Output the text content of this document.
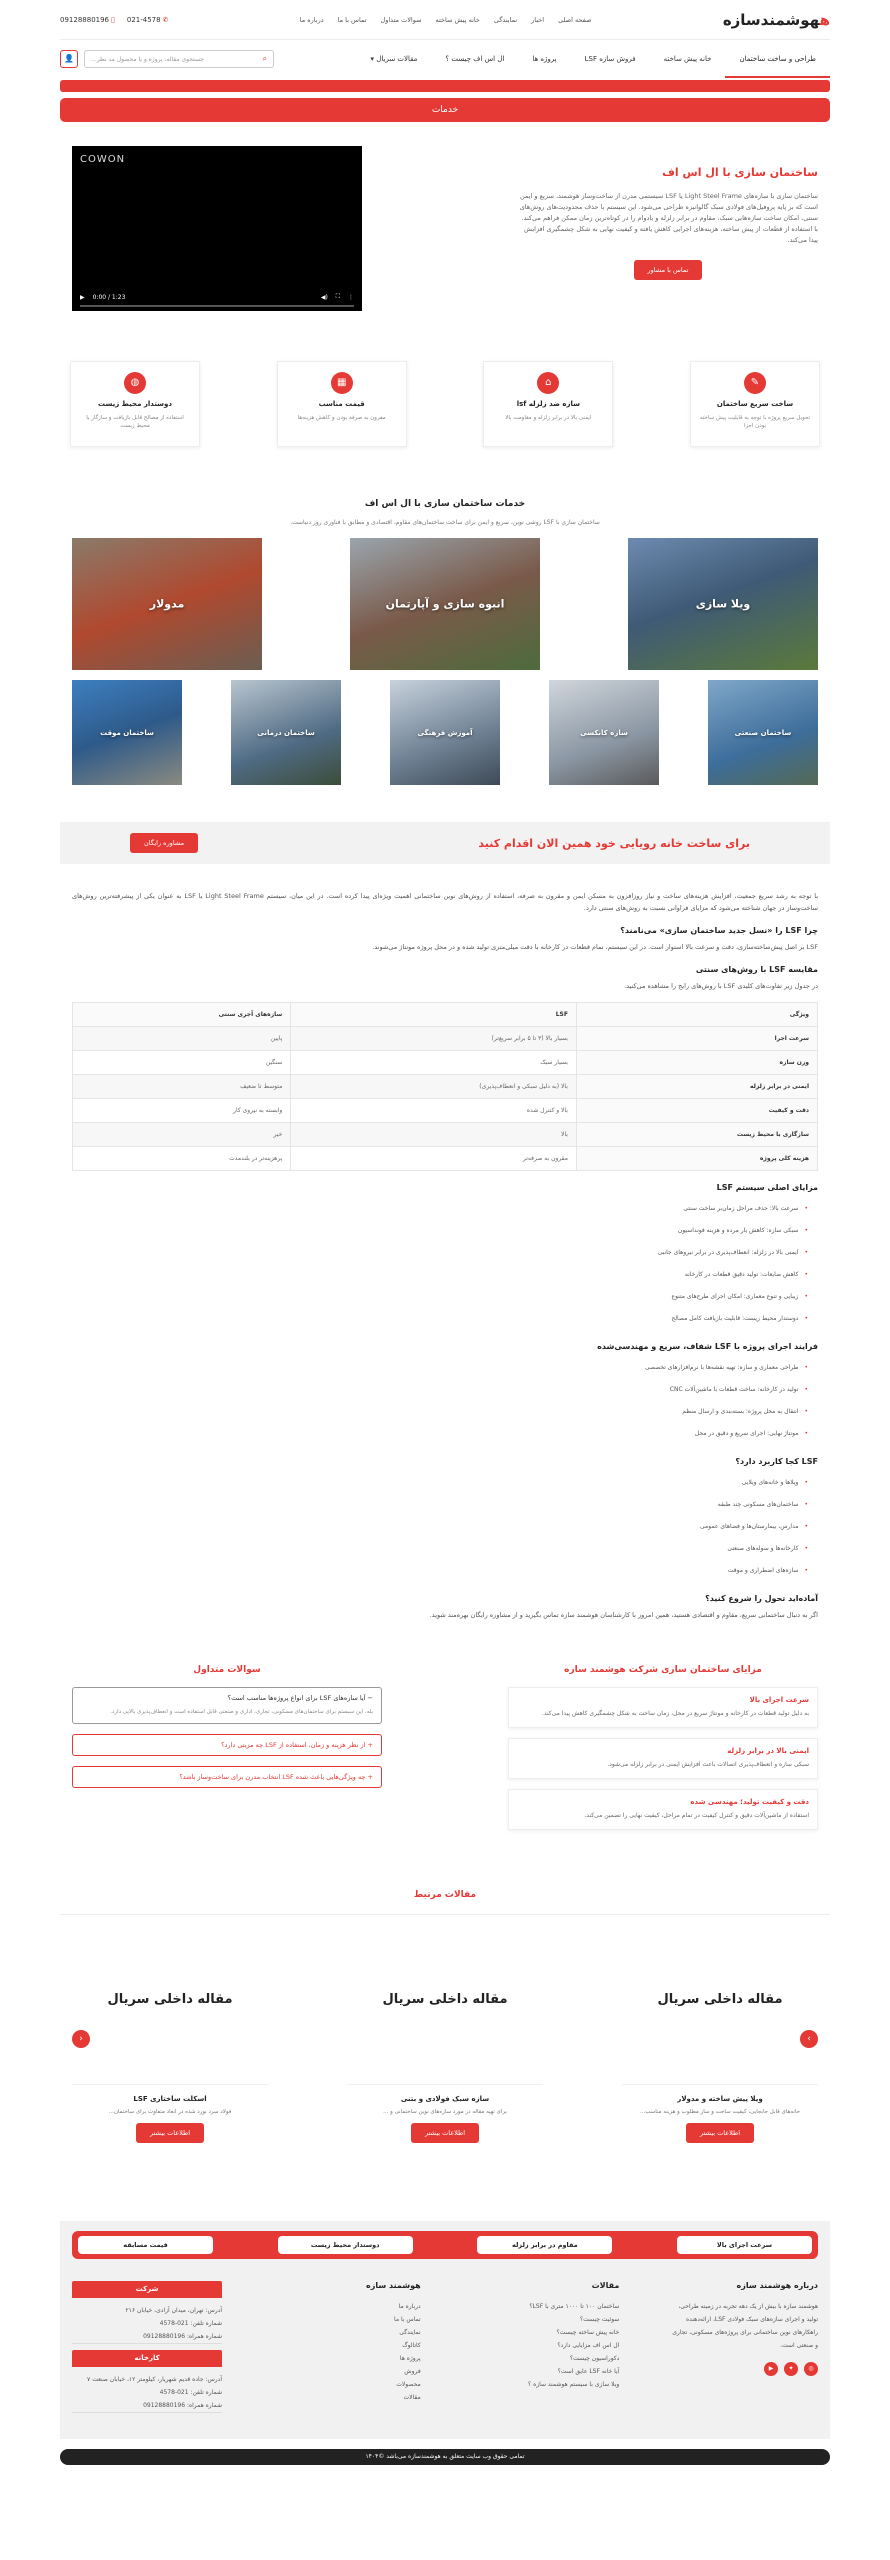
ههوشمندسازه
صفحه اصلی
اخبار
نمایندگی
خانه پیش ساخته
سوالات متداول
تماس با ما
درباره ما
✆021-4578
▯09128880196
طراحی و ساخت ساختمان
خانه پیش ساخته
فروش سازه LSF
پروژه ها
ال اس اف چیست ؟
مقالات سریال ▾
⌕
جستجوی مقاله، پروژه و یا محصول مد نظر...
👤
خدمات
ساختمان سازی با ال اس اف

ساختمان سازی با سازه‌های Light Steel Frame یا LSF سیستمی مدرن از ساخت‌وساز هوشمند، سریع و ایمن است که بر پایه پروفیل‌های فولادی سبک گالوانیزه طراحی می‌شود. این سیستم با حذف محدودیت‌های روش‌های سنتی، امکان ساخت سازه‌هایی سبک، مقاوم در برابر زلزله و بادوام را در کوتاه‌ترین زمان ممکن فراهم می‌کند. با استفاده از قطعات از پیش ساخته، هزینه‌های اجرایی کاهش یافته و کیفیت نهایی به شکل چشمگیری افزایش پیدا می‌کند.

تماس با مشاور
COWON
▶ 0:00 / 1:23	◀) ⛶ ⋮
✎
ساخت سریع ساختمان

تحویل سریع پروژه با توجه به قابلیت پیش ساخته بودن اجزا

⌂
سازه ضد زلزله lsf

ایمنی بالا در برابر زلزله و مقاومت بالا

▦
قیمت مناسب

مقرون به صرفه بودن و کاهش هزینه‌ها

◍
دوستدار محیط زیست

استفاده از مصالح قابل بازیافت و سازگار با محیط زیست

خدمات ساختمان سازی با ال اس اف

ساختمان سازی با LSF روشی نوین، سریع و ایمن برای ساخت ساختمان‌های مقاوم، اقتصادی و مطابق با فناوری روز دنیاست.

ویلا سازی
انبوه سازی و آپارتمان
مدولار
ساختمان صنعتی
سازه کانکسی
آموزش فرهنگی
ساختمان درمانی
ساختمان موقت
برای ساخت خانه رویایی خود همین الان اقدام کنید
مشاوره رایگان

با توجه به رشد سریع جمعیت، افزایش هزینه‌های ساخت و نیاز روزافزون به مسکن ایمن و مقرون به صرفه، استفاده از روش‌های نوین ساختمانی اهمیت ویژه‌ای پیدا کرده است. در این میان، سیستم Light Steel Frame یا LSF به عنوان یکی از پیشرفته‌ترین روش‌های ساخت‌وساز در جهان شناخته می‌شود که مزایای فراوانی نسبت به روش‌های سنتی دارد.

چرا LSF را «نسل جدید ساختمان سازی» می‌نامند؟

LSF بر اصل پیش‌ساخته‌سازی، دقت و سرعت بالا استوار است. در این سیستم، تمام قطعات در کارخانه با دقت میلی‌متری تولید شده و در محل پروژه مونتاژ می‌شوند.

مقایسه LSF با روش‌های سنتی

در جدول زیر تفاوت‌های کلیدی LSF با روش‌های رایج را مشاهده می‌کنید.

ویژگی	LSF	سازه‌های آجری سنتی
سرعت اجرا	بسیار بالا (۳ تا ۵ برابر سریع‌تر)	پایین
وزن سازه	بسیار سبک	سنگین
ایمنی در برابر زلزله	بالا (به دلیل سبکی و انعطاف‌پذیری)	متوسط تا ضعیف
دقت و کیفیت	بالا و کنترل شده	وابسته به نیروی کار
سازگاری با محیط زیست	بالا	خیر
هزینه کلی پروژه	مقرون به صرفه‌تر	پرهزینه‌تر در بلندمدت
مزایای اصلی سیستم LSF
• سرعت بالا: حذف مراحل زمان‌بر ساخت سنتی
• سبکی سازه: کاهش بار مرده و هزینه فونداسیون
• ایمنی بالا در زلزله: انعطاف‌پذیری در برابر نیروهای جانبی
• کاهش ضایعات: تولید دقیق قطعات در کارخانه
• زیبایی و تنوع معماری: امکان اجرای طرح‌های متنوع
• دوستدار محیط زیست: قابلیت بازیافت کامل مصالح
فرایند اجرای پروژه با LSF شفاف، سریع و مهندسی‌شده
• طراحی معماری و سازه: تهیه نقشه‌ها با نرم‌افزارهای تخصصی
• تولید در کارخانه: ساخت قطعات با ماشین‌آلات CNC
• انتقال به محل پروژه: بسته‌بندی و ارسال منظم
• مونتاژ نهایی: اجرای سریع و دقیق در محل
LSF کجا کاربرد دارد؟
• ویلاها و خانه‌های ویلایی
• ساختمان‌های مسکونی چند طبقه
• مدارس، بیمارستان‌ها و فضاهای عمومی
• کارخانه‌ها و سوله‌های صنعتی
• سازه‌های اضطراری و موقت
آماده‌اید تحول را شروع کنید؟

اگر به دنبال ساختمانی سریع، مقاوم و اقتصادی هستید، همین امروز با کارشناسان هوشمند سازه تماس بگیرید و از مشاوره رایگان بهره‌مند شوید.

مزایای ساختمان سازی شرکت هوشمند سازه
سرعت اجرای بالا

به دلیل تولید قطعات در کارخانه و مونتاژ سریع در محل، زمان ساخت به شکل چشمگیری کاهش پیدا می‌کند.

ایمنی بالا در برابر زلزله

سبکی سازه و انعطاف‌پذیری اتصالات باعث افزایش ایمنی در برابر زلزله می‌شود.

دقت و کیفیت تولید؛ مهندسی شده

استفاده از ماشین‌آلات دقیق و کنترل کیفیت در تمام مراحل، کیفیت نهایی را تضمین می‌کند.

سوالات متداول
− آیا سازه‌های LSF برای انواع پروژه‌ها مناسب است؟
بله، این سیستم برای ساختمان‌های مسکونی، تجاری، اداری و صنعتی قابل استفاده است و انعطاف‌پذیری بالایی دارد.
+ از نظر هزینه و زمان، استفاده از LSF چه مزیتی دارد؟
+ چه ویژگی‌هایی باعث شده LSF انتخاب مدرن برای ساخت‌وساز باشد؟
مقالات مرتبط
مقاله داخلی سریال
ویلا پیش ساخته و مدولار

خانه‌های قابل جابجایی، کیفیت ساخت و ساز مطلوب و هزینه مناسب...

اطلاعات بیشتر
مقاله داخلی سریال
سازه سبک فولادی و بتنی

برای تهیه مقاله در مورد سازه‌های نوین ساختمانی و ...

اطلاعات بیشتر
مقاله داخلی سریال
اسکلت ساختاری LSF

فولاد سرد نورد شده در ابعاد متفاوت برای ساختمان...

اطلاعات بیشتر
›
‹
سرعت اجرای بالا
مقاوم در برابر زلزله
دوستدار محیط زیست
قیمت مسابقه
درباره هوشمند سازه

هوشمند سازه با بیش از یک دهه تجربه در زمینه طراحی، تولید و اجرای سازه‌های سبک فولادی LSF، ارائه‌دهنده راهکارهای نوین ساختمانی برای پروژه‌های مسکونی، تجاری و صنعتی است.

◎
✦
▶
مقالات
ساختمان ۱۰۰ تا ۱۰۰۰ متری با LSF؟
سوئیت چیست؟
خانه پیش ساخته چیست؟
ال اس اف مزایایی دارد؟
دکوراسیون چیست؟
آیا خانه LSF عایق است؟
ویلا سازی با سیستم هوشمند سازه ؟
هوشمند سازه
درباره ما
تماس با ما
نمایندگی
کاتالوگ
پروژه ها
فروش
محصولات
مقالات
شرکت
آدرس: تهران، میدان آزادی، خیابان ۲۱۶
شماره تلفن: 021-4578
شماره همراه: 09128880196
کارخانه
آدرس: جاده قدیم شهریار، کیلومتر ۱۲، خیابان صنعت ۷
شماره تلفن: 021-4578
شماره همراه: 09128880196
تمامی حقوق وب سایت متعلق به هوشمندسازه می‌باشد ©۱۴۰۴
